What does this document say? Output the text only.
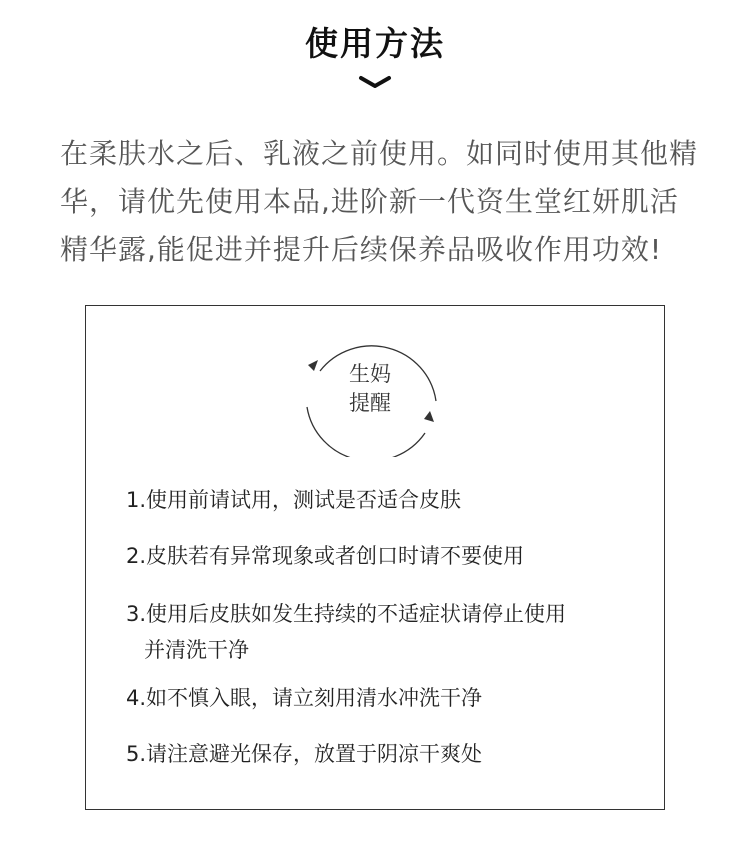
使用方法
在柔肤水之后、乳液之前使用。如同时使用其他精
华，请优先使用本品,进阶新一代资生堂红妍肌活
精华露,能促进并提升后续保养品吸收作用功效!
生妈
提醒
1.使用前请试用，测试是否适合皮肤
2.皮肤若有异常现象或者创口时请不要使用
3.使用后皮肤如发生持续的不适症状请停止使用
并清洗干净
4.如不慎入眼，请立刻用清水冲洗干净
5.请注意避光保存，放置于阴凉干爽处
